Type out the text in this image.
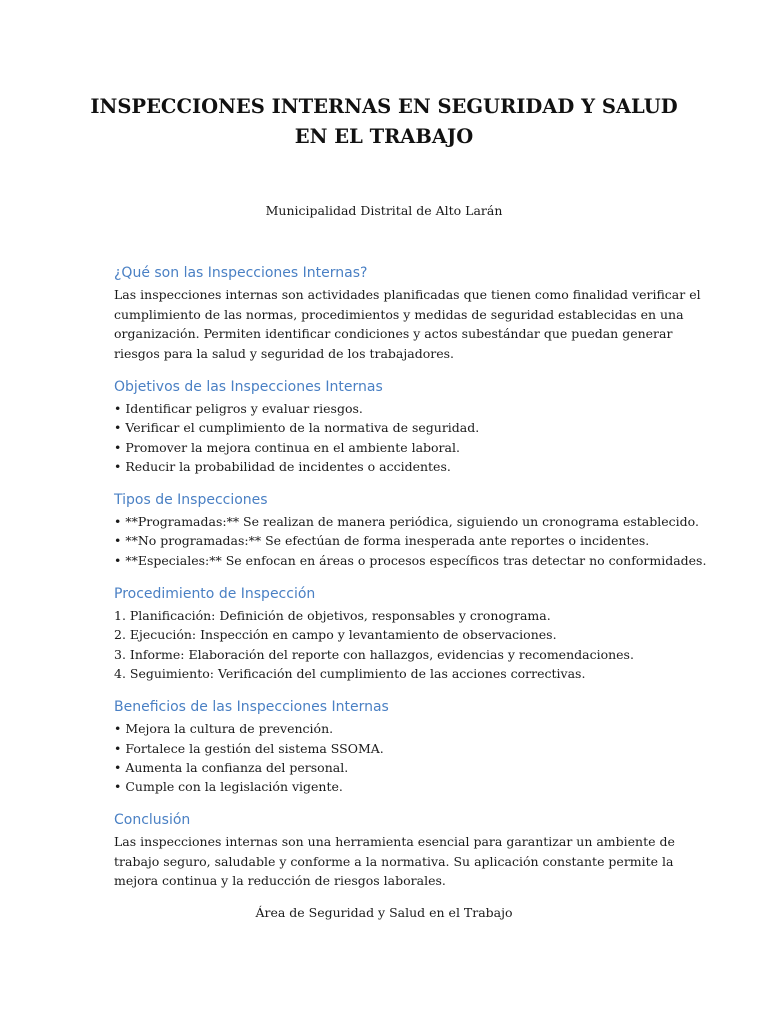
INSPECCIONES INTERNAS EN SEGURIDAD Y SALUD
EN EL TRABAJO

Municipalidad Distrital de Alto Larán

¿Qué son las Inspecciones Internas?

Las inspecciones internas son actividades planificadas que tienen como finalidad verificar el
cumplimiento de las normas, procedimientos y medidas de seguridad establecidas en una
organización. Permiten identificar condiciones y actos subestándar que puedan generar
riesgos para la salud y seguridad de los trabajadores.

Objetivos de las Inspecciones Internas
• Identificar peligros y evaluar riesgos.
• Verificar el cumplimiento de la normativa de seguridad.
• Promover la mejora continua en el ambiente laboral.
• Reducir la probabilidad de incidentes o accidentes.
Tipos de Inspecciones
• **Programadas:** Se realizan de manera periódica, siguiendo un cronograma establecido.
• **No programadas:** Se efectúan de forma inesperada ante reportes o incidentes.
• **Especiales:** Se enfocan en áreas o procesos específicos tras detectar no conformidades.
Procedimiento de Inspección
1. Planificación: Definición de objetivos, responsables y cronograma.
2. Ejecución: Inspección en campo y levantamiento de observaciones.
3. Informe: Elaboración del reporte con hallazgos, evidencias y recomendaciones.
4. Seguimiento: Verificación del cumplimiento de las acciones correctivas.
Beneficios de las Inspecciones Internas
• Mejora la cultura de prevención.
• Fortalece la gestión del sistema SSOMA.
• Aumenta la confianza del personal.
• Cumple con la legislación vigente.
Conclusión

Las inspecciones internas son una herramienta esencial para garantizar un ambiente de
trabajo seguro, saludable y conforme a la normativa. Su aplicación constante permite la
mejora continua y la reducción de riesgos laborales.

Área de Seguridad y Salud en el Trabajo
